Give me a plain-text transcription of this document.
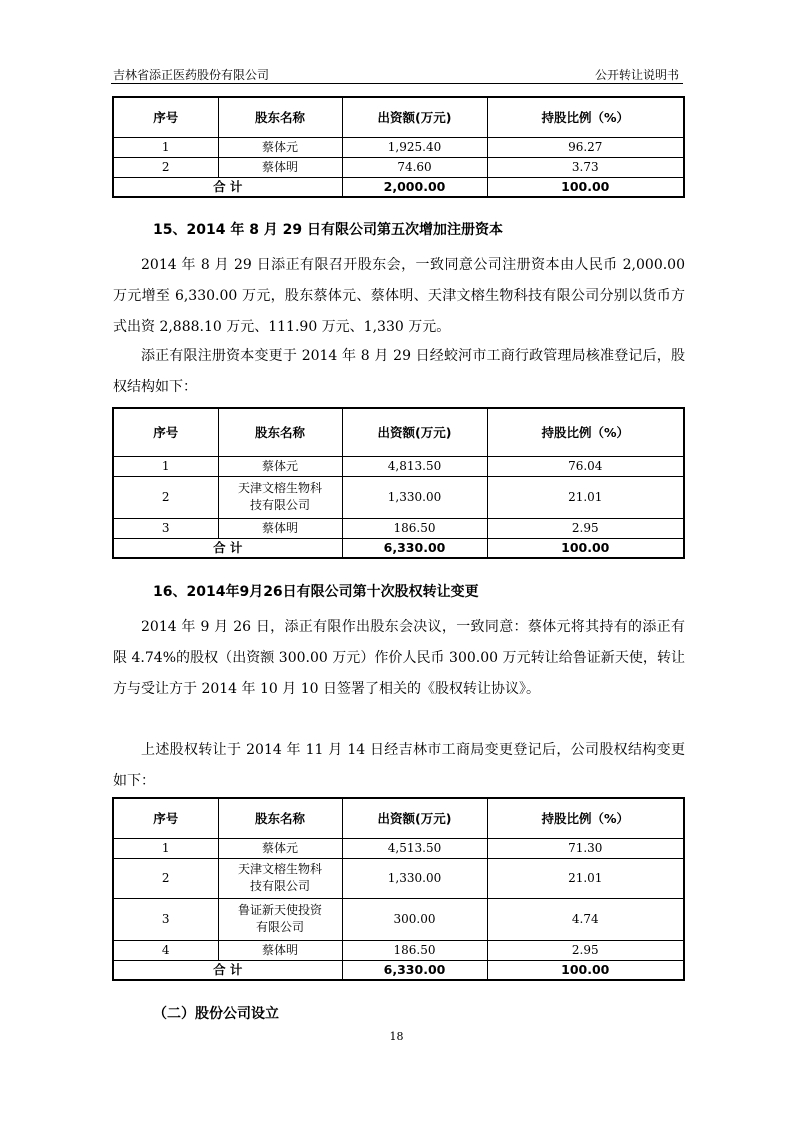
吉林省添正医药股份有限公司	公开转让说明书
序号	股东名称	出资额(万元)	持股比例（%）
1	蔡体元	1,925.40	96.27
2	蔡体明	74.60	3.73
合 计		2,000.00	100.00
15、2014 年 8 月 29 日有限公司第五次增加注册资本

2014 年 8 月 29 日添正有限召开股东会，一致同意公司注册资本由人民币 2,000.00 万元增至 6,330.00 万元，股东蔡体元、蔡体明、天津文榕生物科技有限公司分别以货币方式出资 2,888.10 万元、111.90 万元、1,330 万元。

添正有限注册资本变更于 2014 年 8 月 29 日经蛟河市工商行政管理局核准登记后，股权结构如下：

序号	股东名称	出资额(万元)	持股比例（%）
1	蔡体元	4,813.50	76.04
2	天津文榕生物科
技有限公司	1,330.00	21.01
3	蔡体明	186.50	2.95
合 计		6,330.00	100.00
16、2014年9月26日有限公司第十次股权转让变更

2014 年 9 月 26 日，添正有限作出股东会决议，一致同意：蔡体元将其持有的添正有限 4.74%的股权（出资额 300.00 万元）作价人民币 300.00 万元转让给鲁证新天使，转让方与受让方于 2014 年 10 月 10 日签署了相关的《股权转让协议》。

上述股权转让于 2014 年 11 月 14 日经吉林市工商局变更登记后，公司股权结构变更如下：

序号	股东名称	出资额(万元)	持股比例（%）
1	蔡体元	4,513.50	71.30
2	天津文榕生物科
技有限公司	1,330.00	21.01
3	鲁证新天使投资
有限公司	300.00	4.74
4	蔡体明	186.50	2.95
合 计		6,330.00	100.00
（二）股份公司设立
18
